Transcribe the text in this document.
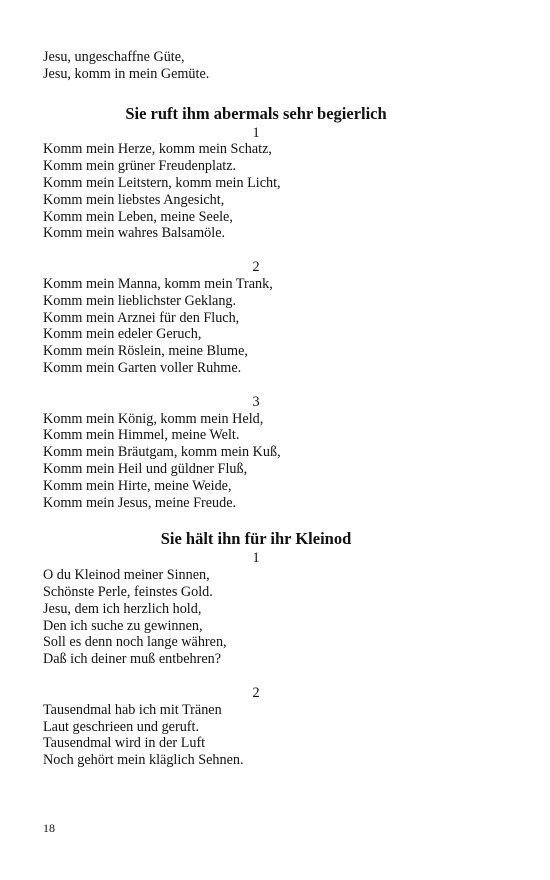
Jesu, ungeschaffne Güte,
Jesu, komm in mein Gemüte.
Sie ruft ihm abermals sehr begierlich
1
Komm mein Herze, komm mein Schatz,
Komm mein grüner Freudenplatz.
Komm mein Leitstern, komm mein Licht,
Komm mein liebstes Angesicht,
Komm mein Leben, meine Seele,
Komm mein wahres Balsamöle.
2
Komm mein Manna, komm mein Trank,
Komm mein lieblichster Geklang.
Komm mein Arznei für den Fluch,
Komm mein edeler Geruch,
Komm mein Röslein, meine Blume,
Komm mein Garten voller Ruhme.
3
Komm mein König, komm mein Held,
Komm mein Himmel, meine Welt.
Komm mein Bräutgam, komm mein Kuß,
Komm mein Heil und güldner Fluß,
Komm mein Hirte, meine Weide,
Komm mein Jesus, meine Freude.
Sie hält ihn für ihr Kleinod
1
O du Kleinod meiner Sinnen,
Schönste Perle, feinstes Gold.
Jesu, dem ich herzlich hold,
Den ich suche zu gewinnen,
Soll es denn noch lange währen,
Daß ich deiner muß entbehren?
2
Tausendmal hab ich mit Tränen
Laut geschrieen und geruft.
Tausendmal wird in der Luft
Noch gehört mein kläglich Sehnen.
18
